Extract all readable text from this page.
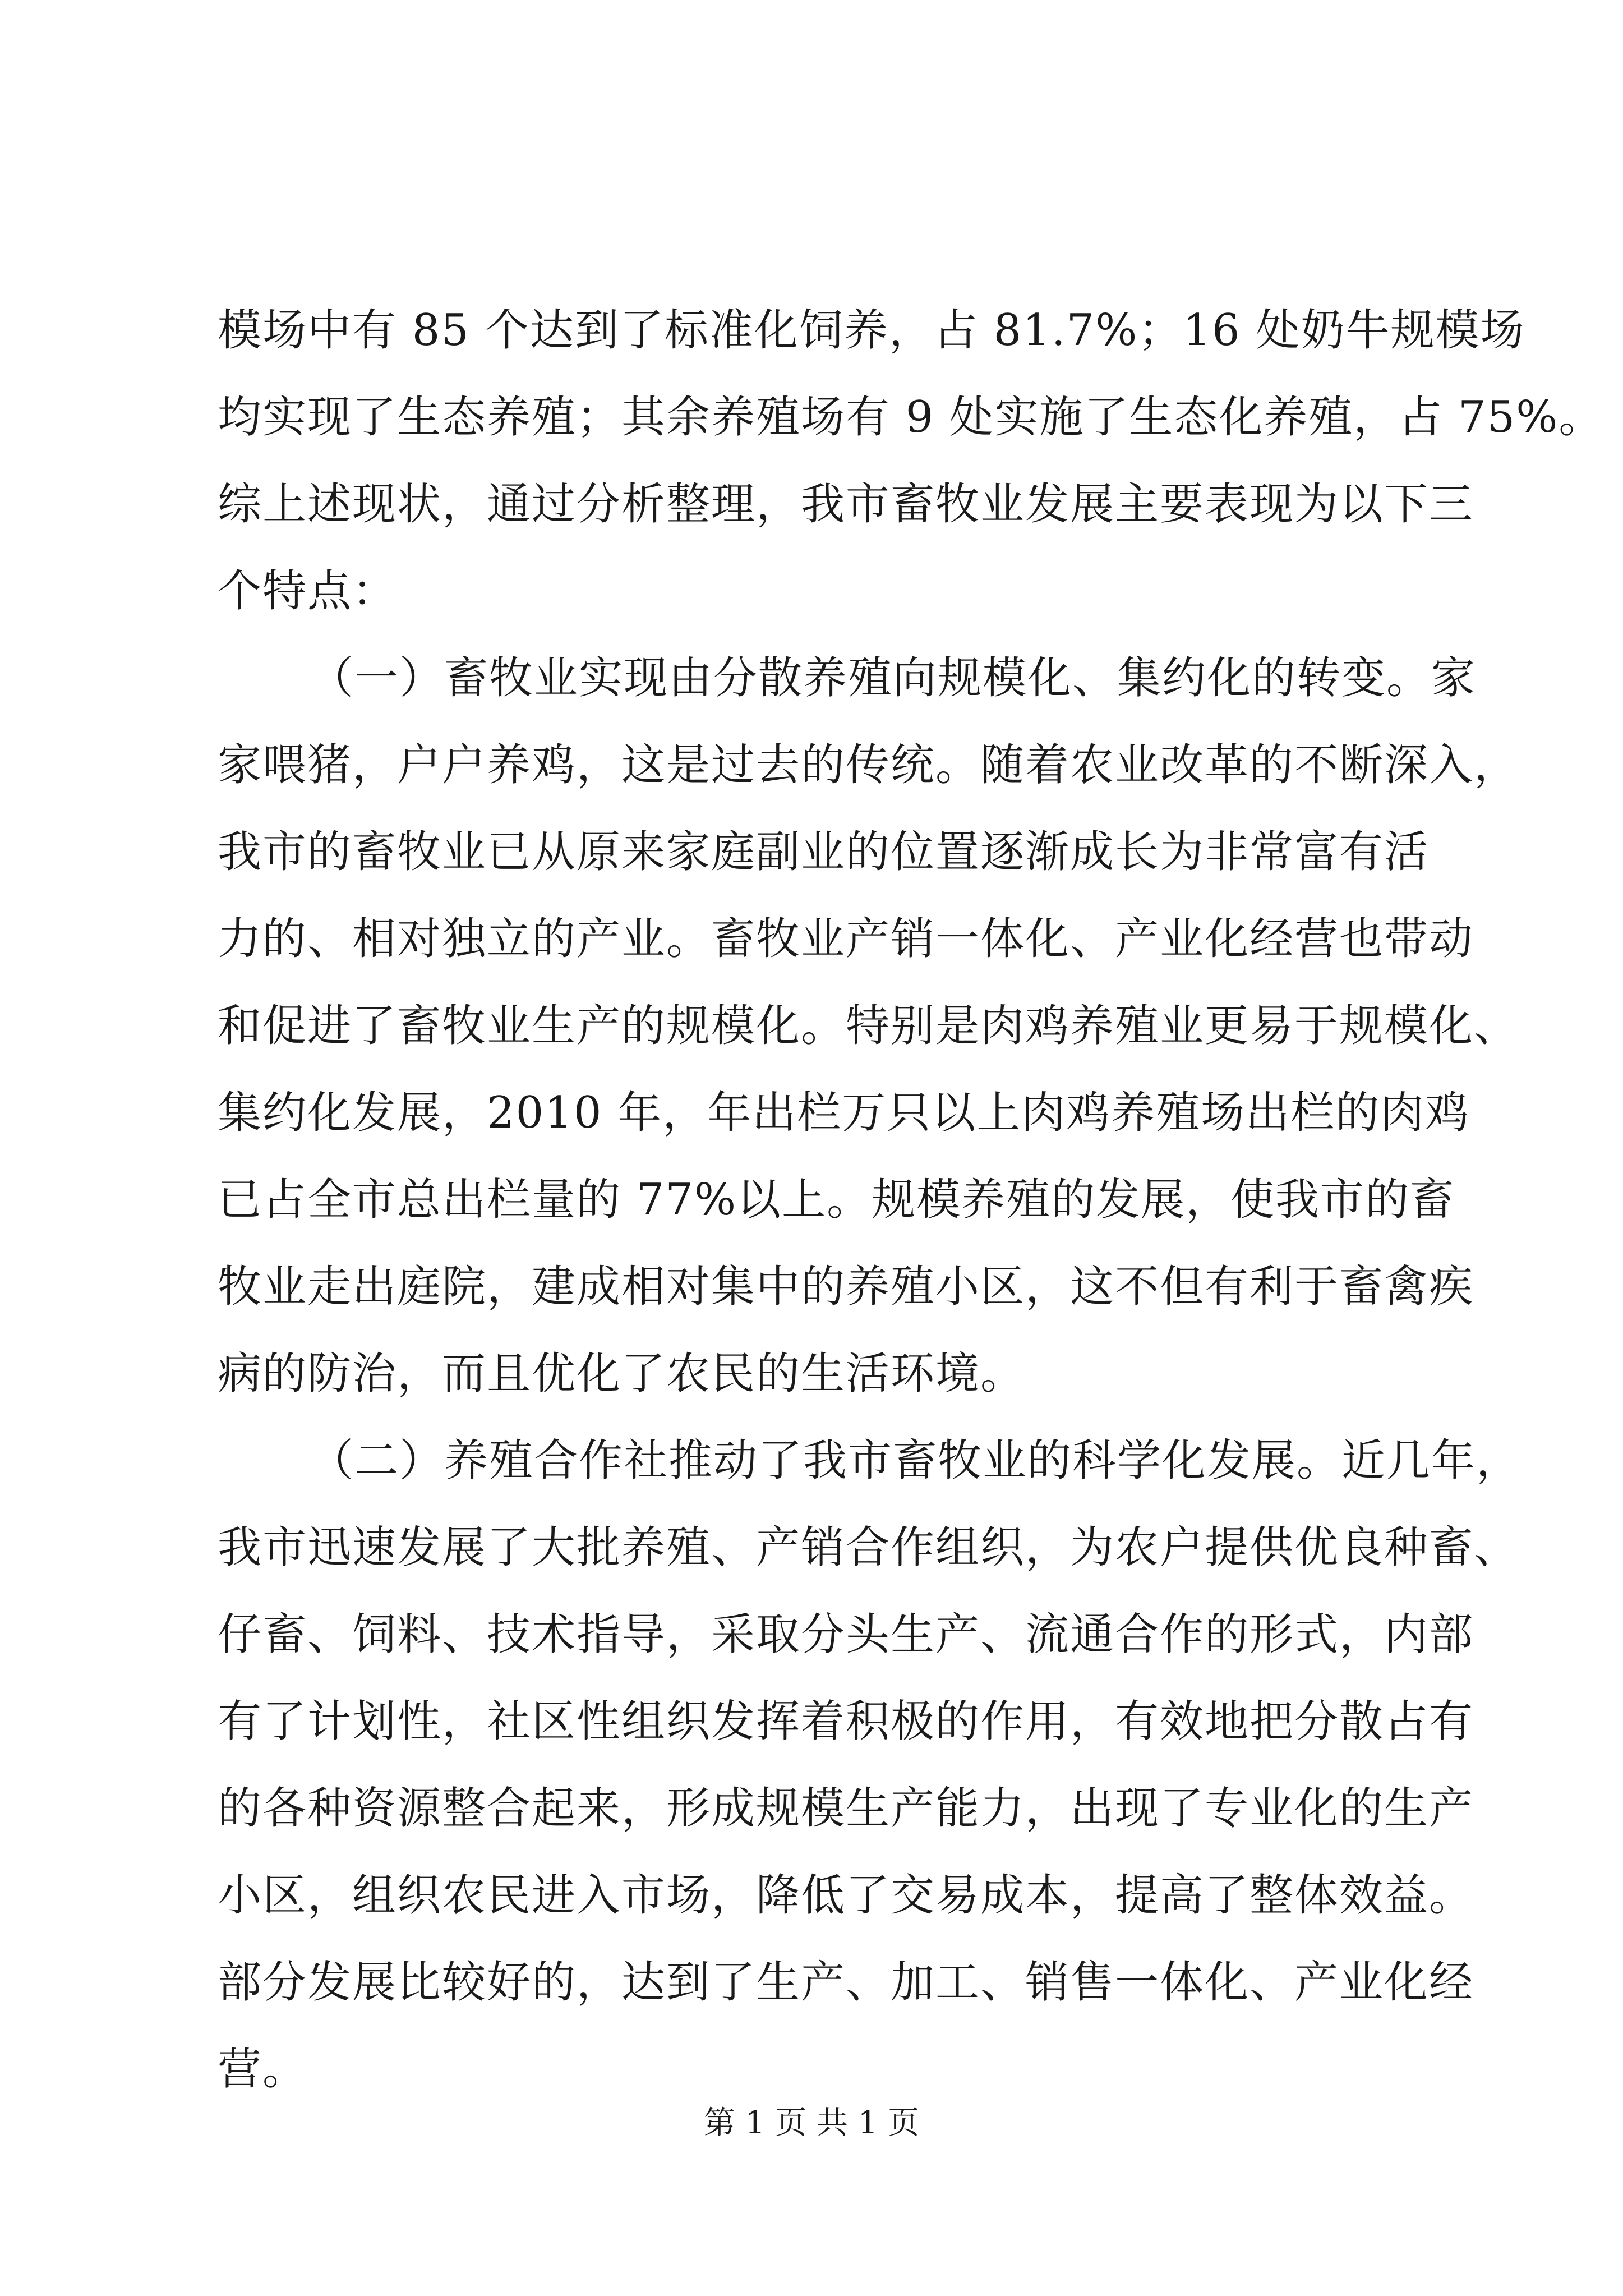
模场中有 85 个达到了标准化饲养，占 81.7%；16 处奶牛规模场
均实现了生态养殖；其余养殖场有 9 处实施了生态化养殖，占 75%。
综上述现状，通过分析整理，我市畜牧业发展主要表现为以下三
个特点：
（一）畜牧业实现由分散养殖向规模化、集约化的转变。家
家喂猪，户户养鸡，这是过去的传统。随着农业改革的不断深入，
我市的畜牧业已从原来家庭副业的位置逐渐成长为非常富有活
力的、相对独立的产业。畜牧业产销一体化、产业化经营也带动
和促进了畜牧业生产的规模化。特别是肉鸡养殖业更易于规模化、
集约化发展，2010 年，年出栏万只以上肉鸡养殖场出栏的肉鸡
已占全市总出栏量的 77%以上。规模养殖的发展，使我市的畜
牧业走出庭院，建成相对集中的养殖小区，这不但有利于畜禽疾
病的防治，而且优化了农民的生活环境。
（二）养殖合作社推动了我市畜牧业的科学化发展。近几年，
我市迅速发展了大批养殖、产销合作组织，为农户提供优良种畜、
仔畜、饲料、技术指导，采取分头生产、流通合作的形式，内部
有了计划性，社区性组织发挥着积极的作用，有效地把分散占有
的各种资源整合起来，形成规模生产能力，出现了专业化的生产
小区，组织农民进入市场，降低了交易成本，提高了整体效益。
部分发展比较好的，达到了生产、加工、销售一体化、产业化经
营。
第 1 页 共 1 页
